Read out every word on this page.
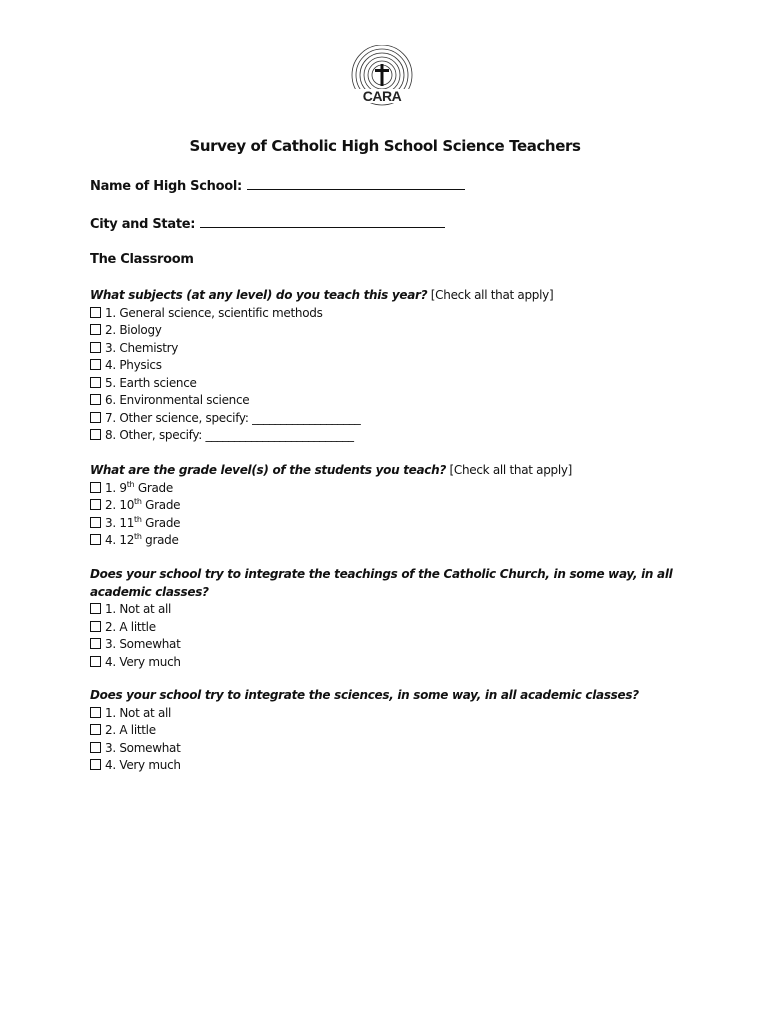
CARA
Survey of Catholic High School Science Teachers
Name of High School:
City and State:
The Classroom
What subjects (at any level) do you teach this year? [Check all that apply]
1. General science, scientific methods
2. Biology
3. Chemistry
4. Physics
5. Earth science
6. Environmental science
7. Other science, specify: ___________________
8. Other, specify: __________________________
What are the grade level(s) of the students you teach? [Check all that apply]
1. 9th Grade
2. 10th Grade
3. 11th Grade
4. 12th grade
Does your school try to integrate the teachings of the Catholic Church, in some way, in all academic classes?
1. Not at all
2. A little
3. Somewhat
4. Very much
Does your school try to integrate the sciences, in some way, in all academic classes?
1. Not at all
2. A little
3. Somewhat
4. Very much
